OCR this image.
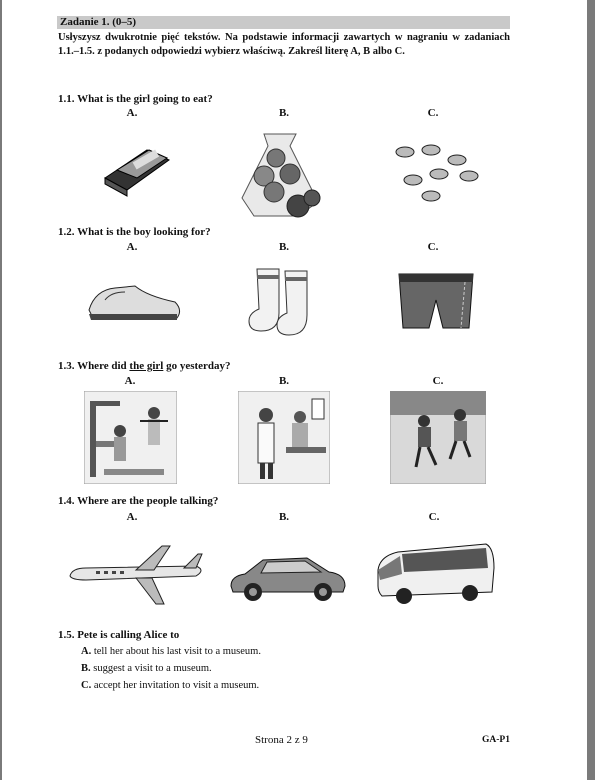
Zadanie 1. (0–5)
Usłyszysz dwukrotnie pięć tekstów. Na podstawie informacji zawartych w nagraniu w zadaniach 1.1.–1.5. z podanych odpowiedzi wybierz właściwą. Zakreśl literę A, B albo C.
1.1. What is the girl going to eat?
A.	B.	C.
1.2. What is the boy looking for?
A.	B.	C.
1.3. Where did the girl go yesterday?
A.	B.	C.
1.4. Where are the people talking?
A.	B.	C.
1.5. Pete is calling Alice to
A. tell her about his last visit to a museum.
B. suggest a visit to a museum.
C. accept her invitation to visit a museum.
Strona 2 z 9	GA-P1
